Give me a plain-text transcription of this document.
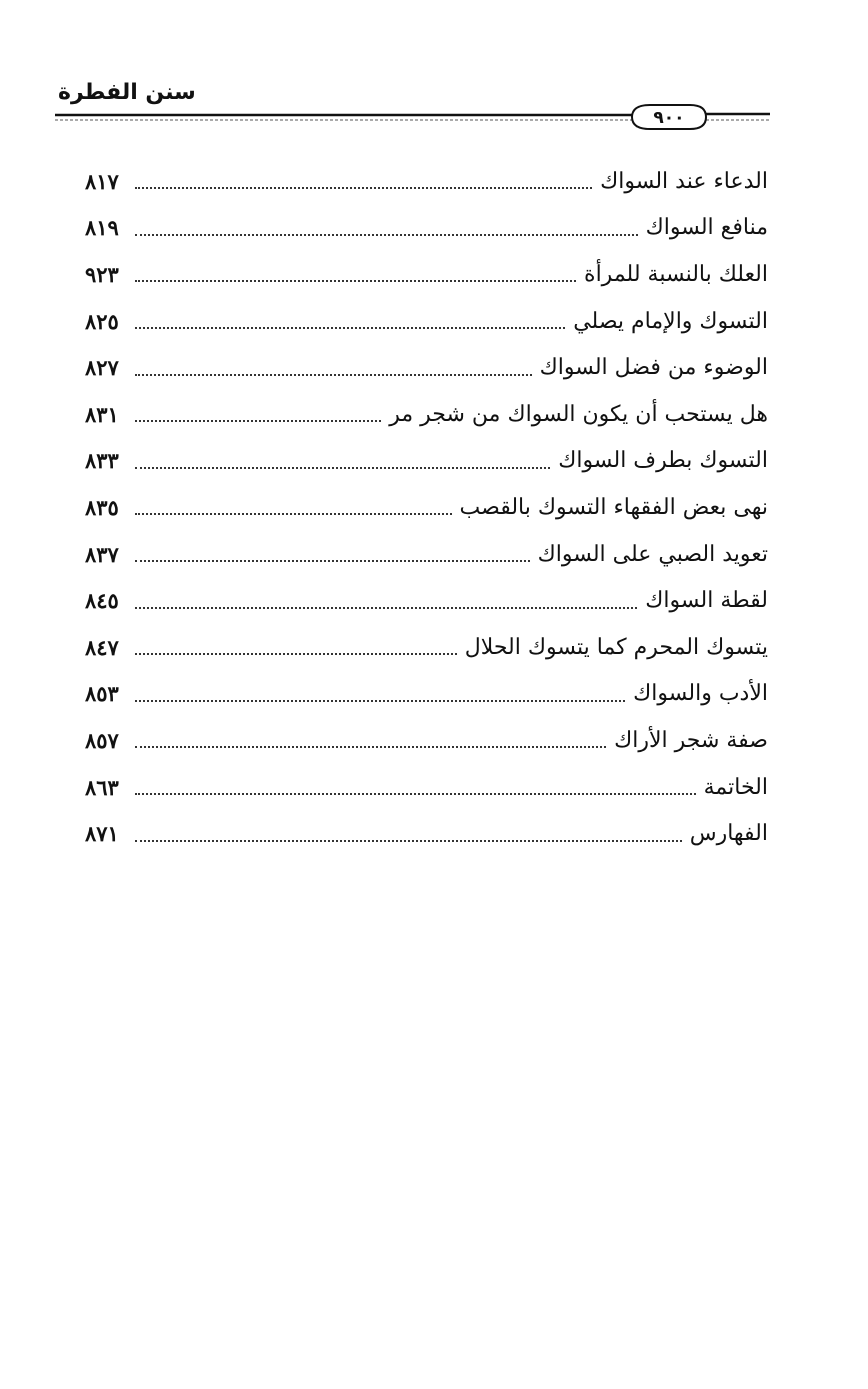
سنن الفطرة
٩٠٠
الدعاء عند السواك
٨١٧
منافع السواك
٨١٩
العلك بالنسبة للمرأة
٩٢٣
التسوك والإمام يصلي
٨٢٥
الوضوء من فضل السواك
٨٢٧
هل يستحب أن يكون السواك من شجر مر
٨٣١
التسوك بطرف السواك
٨٣٣
نهى بعض الفقهاء التسوك بالقصب
٨٣٥
تعويد الصبي على السواك
٨٣٧
لقطة السواك
٨٤٥
يتسوك المحرم كما يتسوك الحلال
٨٤٧
الأدب والسواك
٨٥٣
صفة شجر الأراك
٨٥٧
الخاتمة
٨٦٣
الفهارس
٨٧١
